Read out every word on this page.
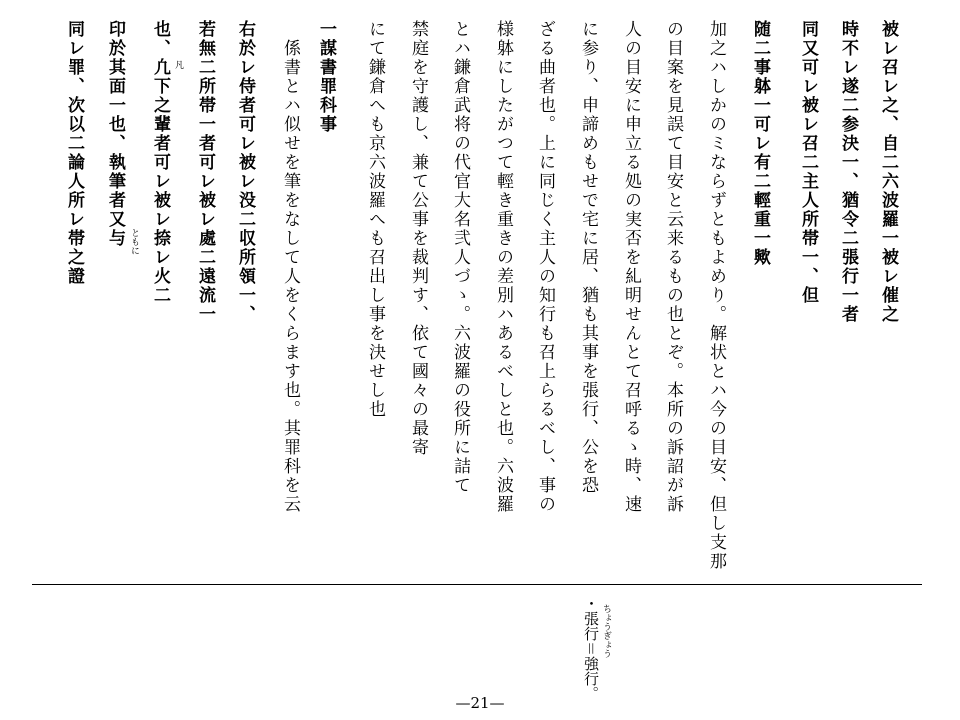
被レ召レ之、自二六波羅一被レ催之
時不レ遂二参決一、猶令二張行一者
同又可レ被レ召二主人所帯一、但
随二事躰一可レ有二輕重一歟
加之ハしかのミならずともよめり。解状とハ今の目安、但し支那
の目案を見誤て目安と云来るもの也とぞ。本所の訴詔が訴
人の目安に申立る処の実否を糺明せんとて召呼るゝ時、速
に参り、申諦めもせで宅に居、猶も其事を張行、公を恐
ざる曲者也。上に同じく主人の知行も召上らるべし、事の
様躰にしたがつて輕き重きの差別ハあるべしと也。六波羅
とハ鎌倉武将の代官大名弐人づゝ。六波羅の役所に詰て
禁庭を守護し、兼て公事を裁判す、依て國々の最寄
にて鎌倉へも京六波羅へも召出し事を決せし也
一謀書罪科事
　係書とハ似せを筆をなして人をくらます也。其罪科を云
右於レ侍者可レ被レ没二収所領一、
若無二所帯一者可レ被レ處二遠流一
也、凢下之輩者可レ被レ捺レ火二
印於其面一也、執筆者又与
同レ罪、次以二論人所レ帯之證	凡
ともに
・張行＝強行。 ちょうぎょう
—21—
